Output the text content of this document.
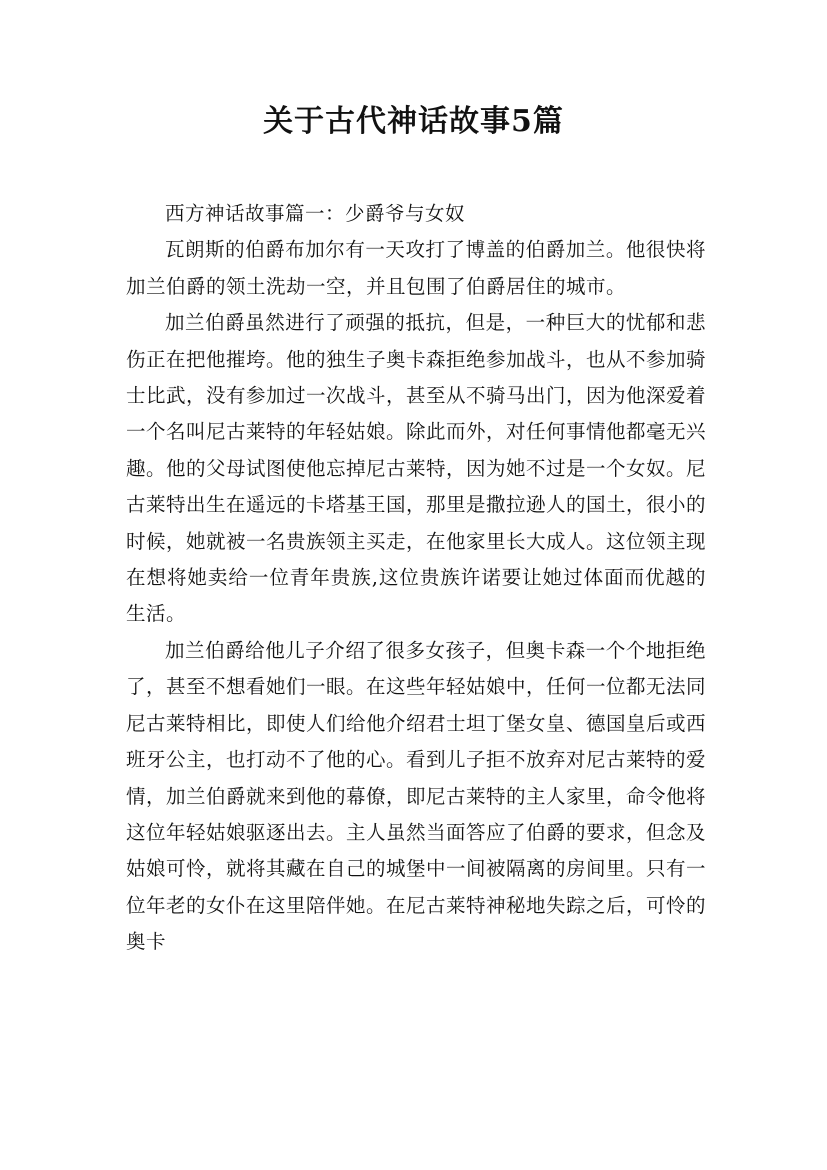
关于古代神话故事5篇

西方神话故事篇一：少爵爷与女奴

瓦朗斯的伯爵布加尔有一天攻打了博盖的伯爵加兰。他很快将加兰伯爵的领土洗劫一空，并且包围了伯爵居住的城市。

加兰伯爵虽然进行了顽强的抵抗，但是，一种巨大的忧郁和悲伤正在把他摧垮。他的独生子奥卡森拒绝参加战斗，也从不参加骑士比武，没有参加过一次战斗，甚至从不骑马出门，因为他深爱着一个名叫尼古莱特的年轻姑娘。除此而外，对任何事情他都毫无兴趣。他的父母试图使他忘掉尼古莱特，因为她不过是一个女奴。尼古莱特出生在遥远的卡塔基王国，那里是撒拉逊人的国土，很小的时候，她就被一名贵族领主买走，在他家里长大成人。这位领主现在想将她卖给一位青年贵族,这位贵族许诺要让她过体面而优越的生活。

加兰伯爵给他儿子介绍了很多女孩子，但奥卡森一个个地拒绝了，甚至不想看她们一眼。在这些年轻姑娘中，任何一位都无法同尼古莱特相比，即使人们给他介绍君士坦丁堡女皇、德国皇后或西班牙公主，也打动不了他的心。看到儿子拒不放弃对尼古莱特的爱情，加兰伯爵就来到他的幕僚，即尼古莱特的主人家里，命令他将这位年轻姑娘驱逐出去。主人虽然当面答应了伯爵的要求，但念及姑娘可怜，就将其藏在自己的城堡中一间被隔离的房间里。只有一位年老的女仆在这里陪伴她。在尼古莱特神秘地失踪之后，可怜的奥卡
